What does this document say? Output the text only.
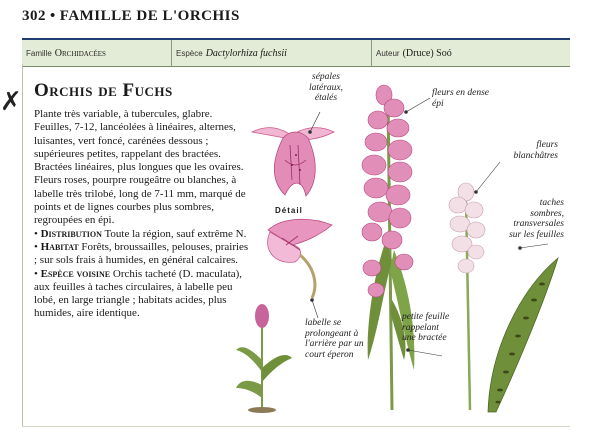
✗
302 • FAMILLE DE L'ORCHIS
Famille Orchidacées	Espèce Dactylorhiza fuchsii	Auteur (Druce) Soó
Orchis de Fuchs

Plante très variable, à tubercules, glabre. Feuilles, 7-12, lancéolées à linéaires, alternes, luisantes, vert foncé, carénées dessous ; supérieures petites, rappelant des bractées. Bractées linéaires, plus longues que les ovaires. Fleurs roses, pourpre rougeâtre ou blanches, à labelle très trilobé, long de 7-11 mm, marqué de points et de lignes courbes plus sombres, regroupées en épi.

• Distribution Toute la région, sauf extrême N.

• Habitat Forêts, broussailles, pelouses, prairies ; sur sols frais à humides, en général calcaires.

• Espèce voisine Orchis tacheté (D. maculata), aux feuilles à taches circulaires, à labelle peu lobé, en large triangle ; habitats acides, plus humides, aire identique.

Détail
sépales latéraux, étalés	fleurs en dense épi
fleurs blanchâtres
taches sombres, transversales sur les feuilles
labelle se prolongeant à l'arrière par un court éperon
petite feuille rappelant une bractée
